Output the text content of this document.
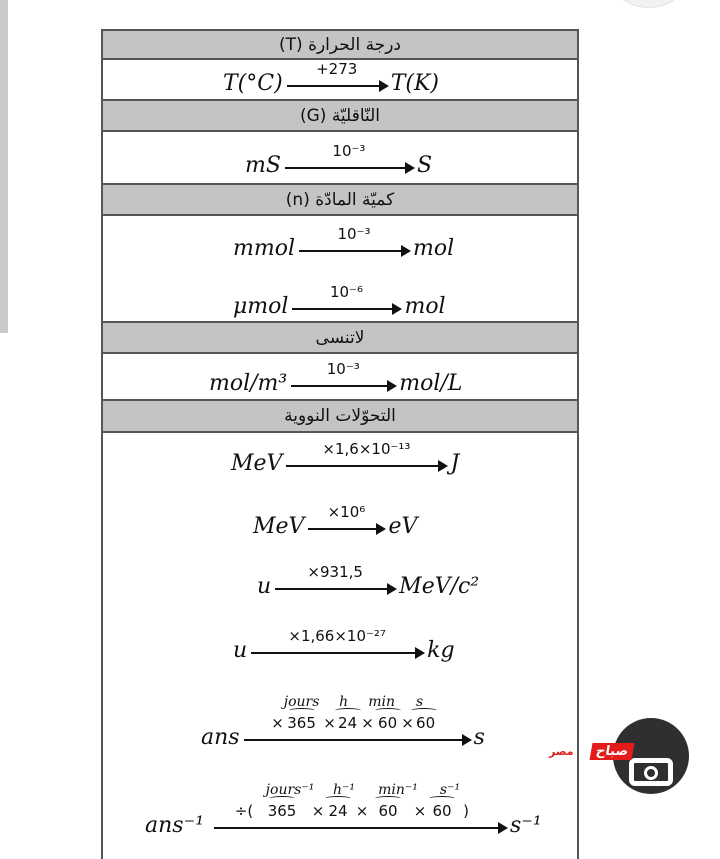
درجة الحرارة (T)
النّاقليّة (G)
كميّة المادّة (n)
لاتنسى
التحوّلات النووية
T(°C)
+273
T(K)
mS
10⁻³
S
mmol
10⁻³
mol
μmol
10⁻⁶
mol
mol/m³
10⁻³
mol/L
MeV
×1,6×10⁻¹³
J
MeV
×10⁶
eV
u
×931,5
MeV/c²
u
×1,66×10⁻²⁷
kg
ans
jours h min s
× 365 × 24 × 60 × 60
s
ans⁻¹
jours⁻¹ h⁻¹ min⁻¹ s⁻¹
÷( 365 × 24 × 60 × 60 )
s⁻¹
صباح
مصر
